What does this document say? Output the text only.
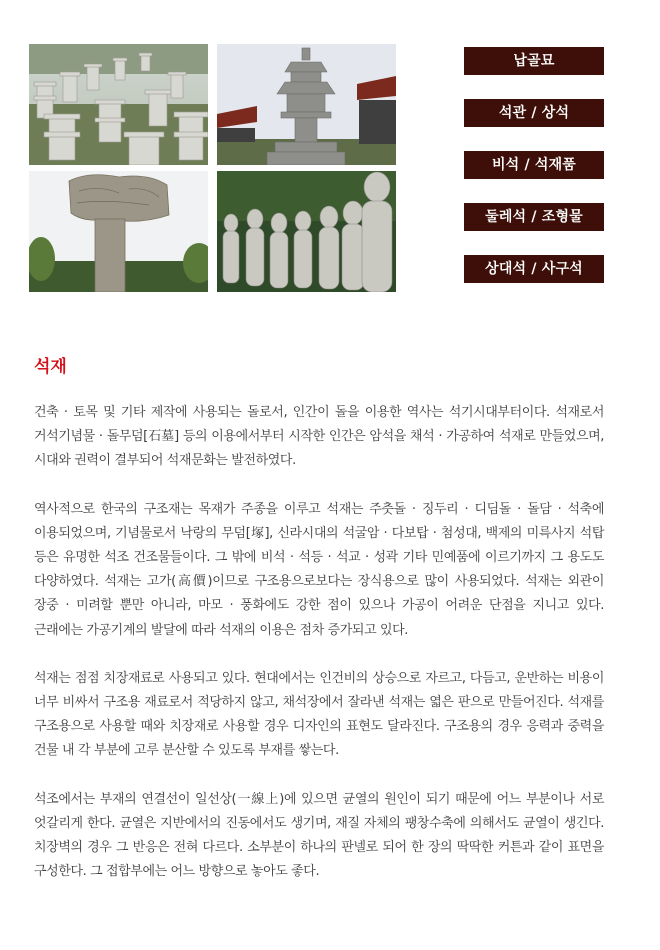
납골묘
석관 / 상석
비석 / 석재품
둘레석 / 조형물
상대석 / 사구석
석재

건축 · 토목 및 기타 제작에 사용되는 돌로서, 인간이 돌을 이용한 역사는 석기시대부터이다. 석재로서 거석기념물 · 돌무덤[石墓] 등의 이용에서부터 시작한 인간은 암석을 채석 · 가공하여 석재로 만들었으며, 시대와 권력이 결부되어 석재문화는 발전하였다.

역사적으로 한국의 구조재는 목재가 주종을 이루고 석재는 주춧돌 · 징두리 · 디딤돌 · 돌담 · 석축에 이용되었으며, 기념물로서 낙랑의 무덤[塚], 신라시대의 석굴암 · 다보탑 · 첨성대, 백제의 미륵사지 석탑 등은 유명한 석조 건조물들이다. 그 밖에 비석 · 석등 · 석교 · 성곽 기타 민예품에 이르기까지 그 용도도 다양하였다. 석재는 고가(高價)이므로 구조용으로보다는 장식용으로 많이 사용되었다. 석재는 외관이 장중 · 미려할 뿐만 아니라, 마모 · 풍화에도 강한 점이 있으나 가공이 어려운 단점을 지니고 있다. 근래에는 가공기계의 발달에 따라 석재의 이용은 점차 증가되고 있다.

석재는 점점 치장재료로 사용되고 있다. 현대에서는 인건비의 상승으로 자르고, 다듬고, 운반하는 비용이 너무 비싸서 구조용 재료로서 적당하지 않고, 채석장에서 잘라낸 석재는 엷은 판으로 만들어진다. 석재를 구조용으로 사용할 때와 치장재로 사용할 경우 디자인의 표현도 달라진다. 구조용의 경우 응력과 중력을 건물 내 각 부분에 고루 분산할 수 있도록 부재를 쌓는다.

석조에서는 부재의 연결선이 일선상(一線上)에 있으면 균열의 원인이 되기 때문에 어느 부분이나 서로 엇갈리게 한다. 균열은 지반에서의 진동에서도 생기며, 재질 자체의 팽창수축에 의해서도 균열이 생긴다. 치장벽의 경우 그 반응은 전혀 다르다. 소부분이 하나의 판넬로 되어 한 장의 딱딱한 커튼과 같이 표면을 구성한다. 그 접합부에는 어느 방향으로 놓아도 좋다.
